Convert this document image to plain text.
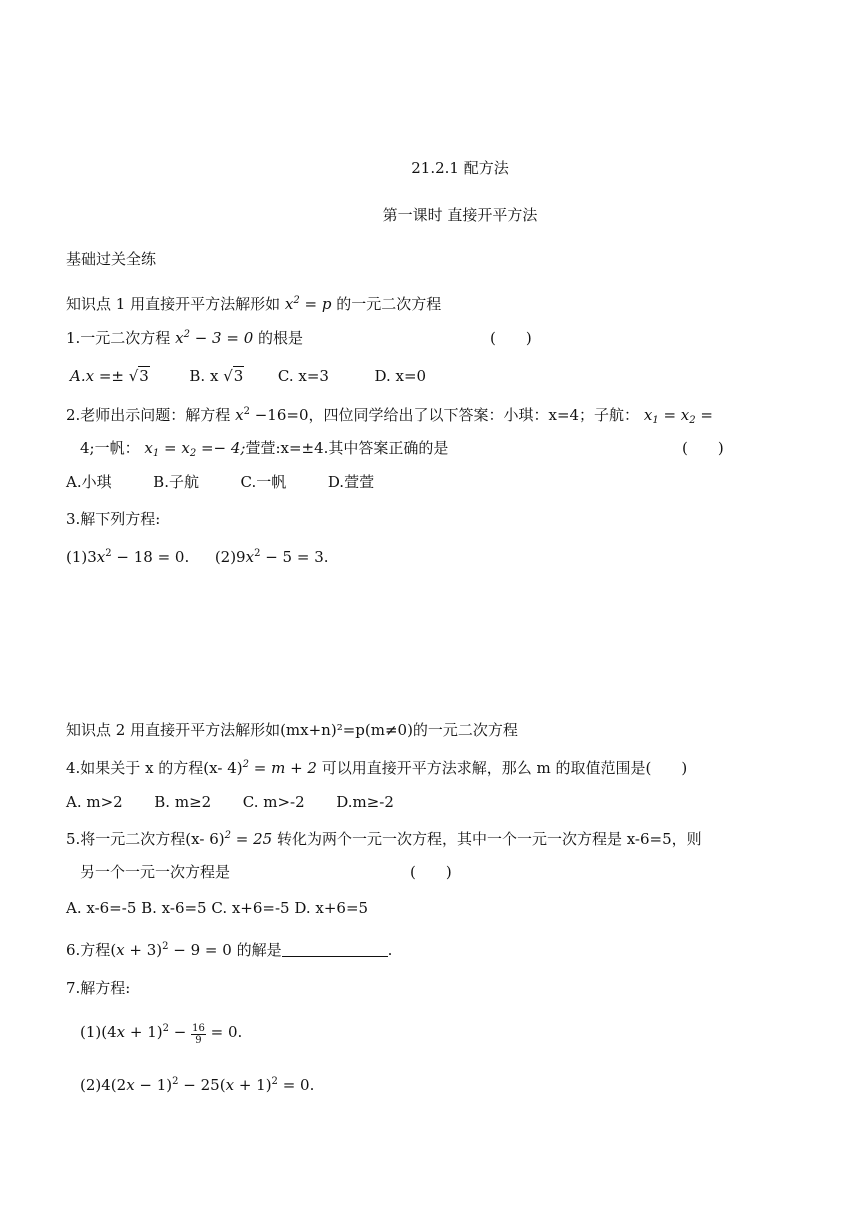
21.2.1 配方法
第一课时 直接开平方法
基础过关全练
知识点 1 用直接开平方法解形如 $x^2 = p$ 的一元二次方程
1.一元二次方程 $x^2 - 3 = 0$ 的根是	(　　)
A.x =± √3	B. x √3 C. x=3	D. x=0
2.老师出示问题：解方程 $x^2 -16=0$，四位同学给出了以下答案：小琪：x=4；子航： $x_1 = x_2$ =
4;一帆： $x_1 = x_2 =- 4$;萱萱:x=±4.其中答案正确的是	(　　)
A.小琪	B.子航	C.一帆	D.萱萱
3.解下列方程:
$(1)3x^2 - 18 = 0$. $(2)9x^2 - 5 = 3$.
知识点 2 用直接开平方法解形如(mx+n)²=p(m≠0)的一元二次方程
4.如果关于 x 的方程(x- 4)$^2$ = m + 2 可以用直接开平方法求解，那么 m 的取值范围是(　　)
A. m>2 B. m≥2 C. m>-2 D.m≥-2
5.将一元二次方程(x- 6)$^2$ = 25 转化为两个一元一次方程，其中一个一元一次方程是 x-6=5，则
另一个一元一次方程是	(　　)
A. x-6=-5 B. x-6=5 C. x+6=-5 D. x+6=5
6.方程$(x + 3)^2 - 9 = 0$ 的解是	.
7.解方程:
$(1)(4x + 1)^2 - \frac{16}{9} = 0$.
$(2)4(2x - 1)^2 - 25(x + 1)^2 = 0$.
